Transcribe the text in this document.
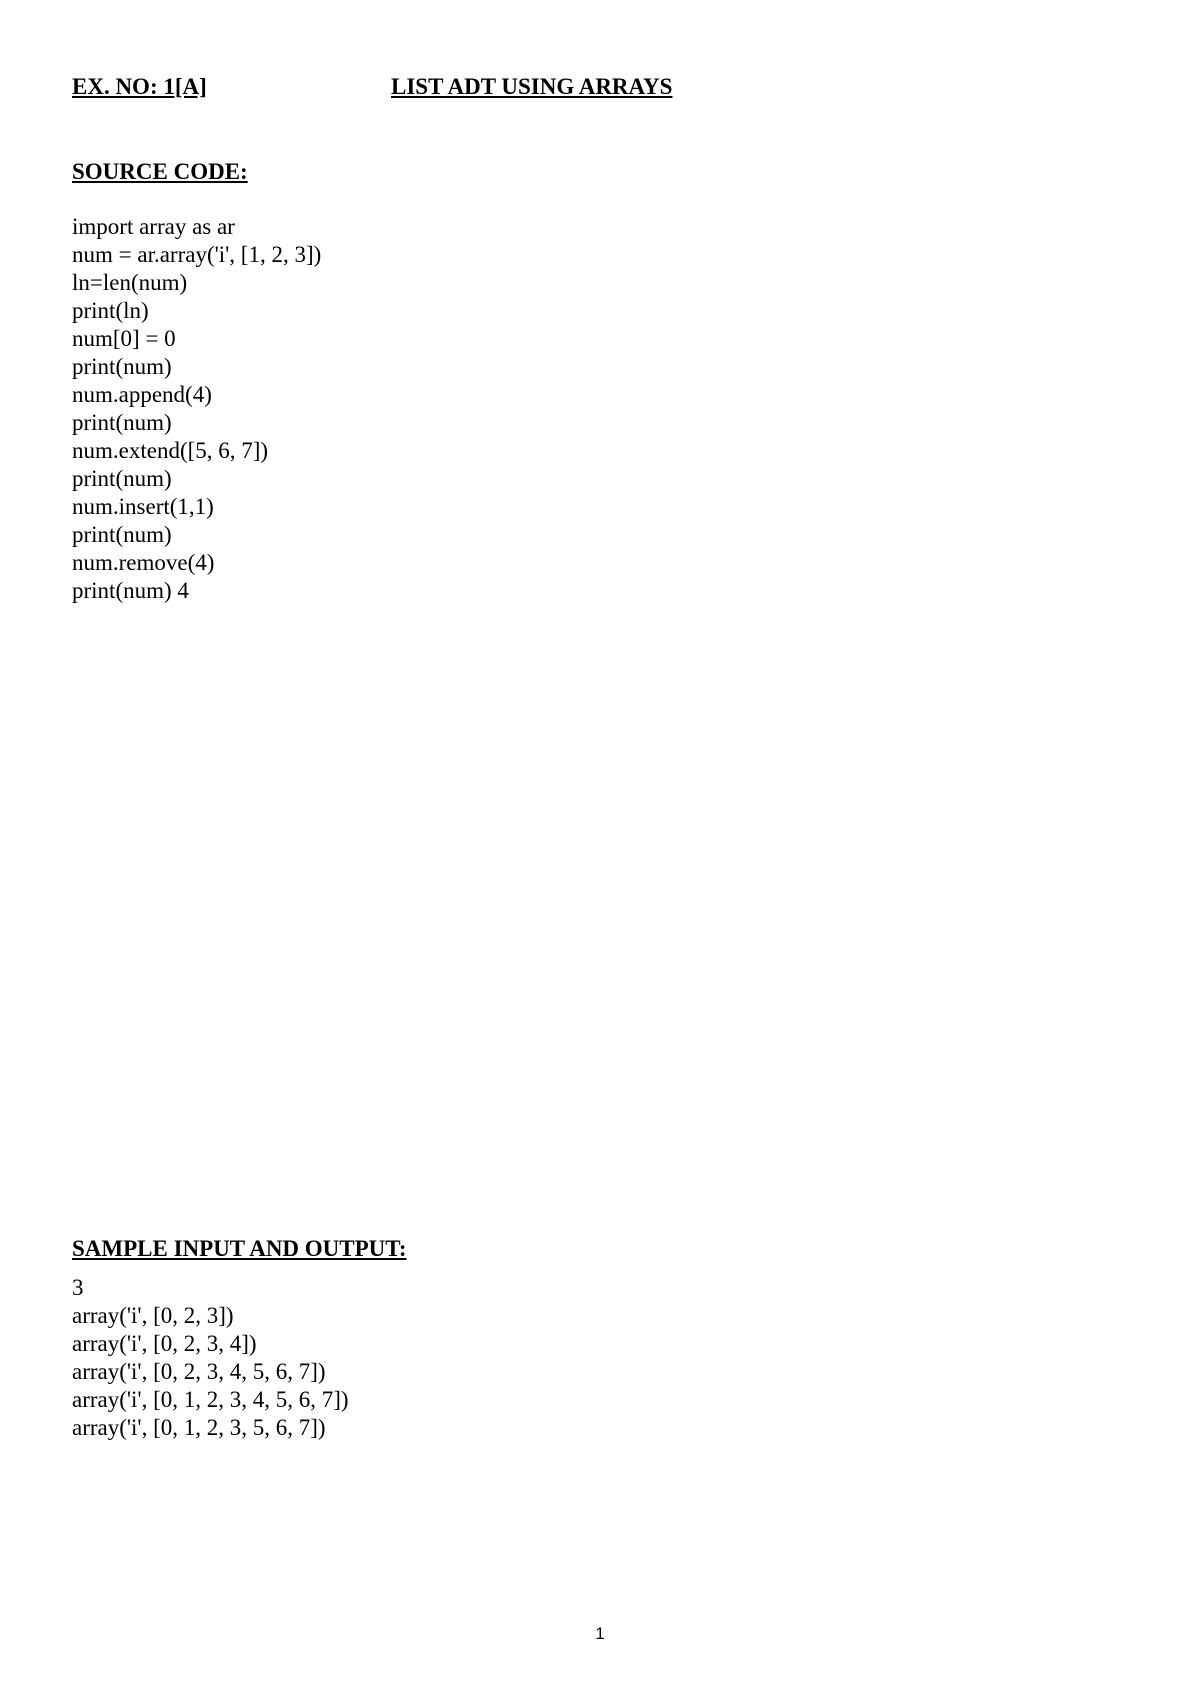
EX. NO: 1[A]	LIST ADT USING ARRAYS
SOURCE CODE:
import array as ar
num = ar.array('i', [1, 2, 3])
ln=len(num)
print(ln)
num[0] = 0
print(num)
num.append(4)
print(num)
num.extend([5, 6, 7])
print(num)
num.insert(1,1)
print(num)
num.remove(4)
print(num) 4
SAMPLE INPUT AND OUTPUT:
3
array('i', [0, 2, 3])
array('i', [0, 2, 3, 4])
array('i', [0, 2, 3, 4, 5, 6, 7])
array('i', [0, 1, 2, 3, 4, 5, 6, 7])
array('i', [0, 1, 2, 3, 5, 6, 7])
1
